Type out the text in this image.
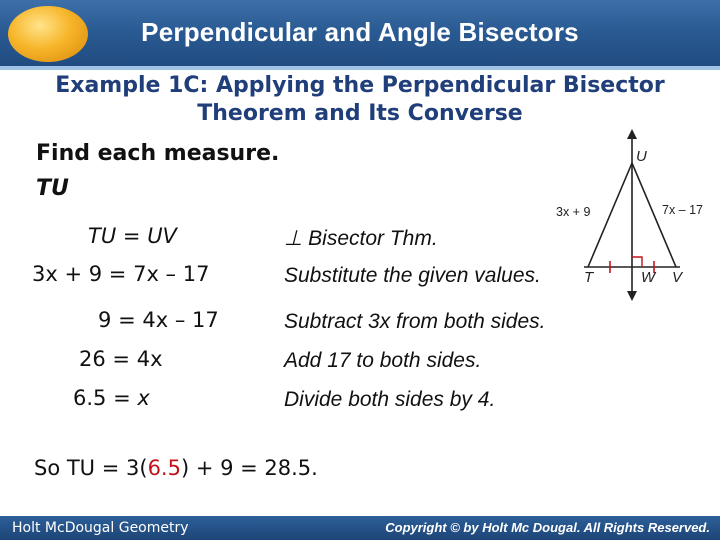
Perpendicular and Angle Bisectors
Example 1C: Applying the Perpendicular Bisector
Theorem and Its Converse
Find each measure.
TU
TU = UV	⊥ Bisector Thm.
3x + 9 = 7x – 17	Substitute the given values.
9 = 4x – 17	Subtract 3x from both sides.
26 = 4x	Add 17 to both sides.
6.5 = x	Divide both sides by 4.
So TU = 3(6.5) + 9 = 28.5.
U
T	W V
3x + 9	7x – 17
Holt McDougal Geometry	Copyright © by Holt Mc Dougal. All Rights Reserved.
